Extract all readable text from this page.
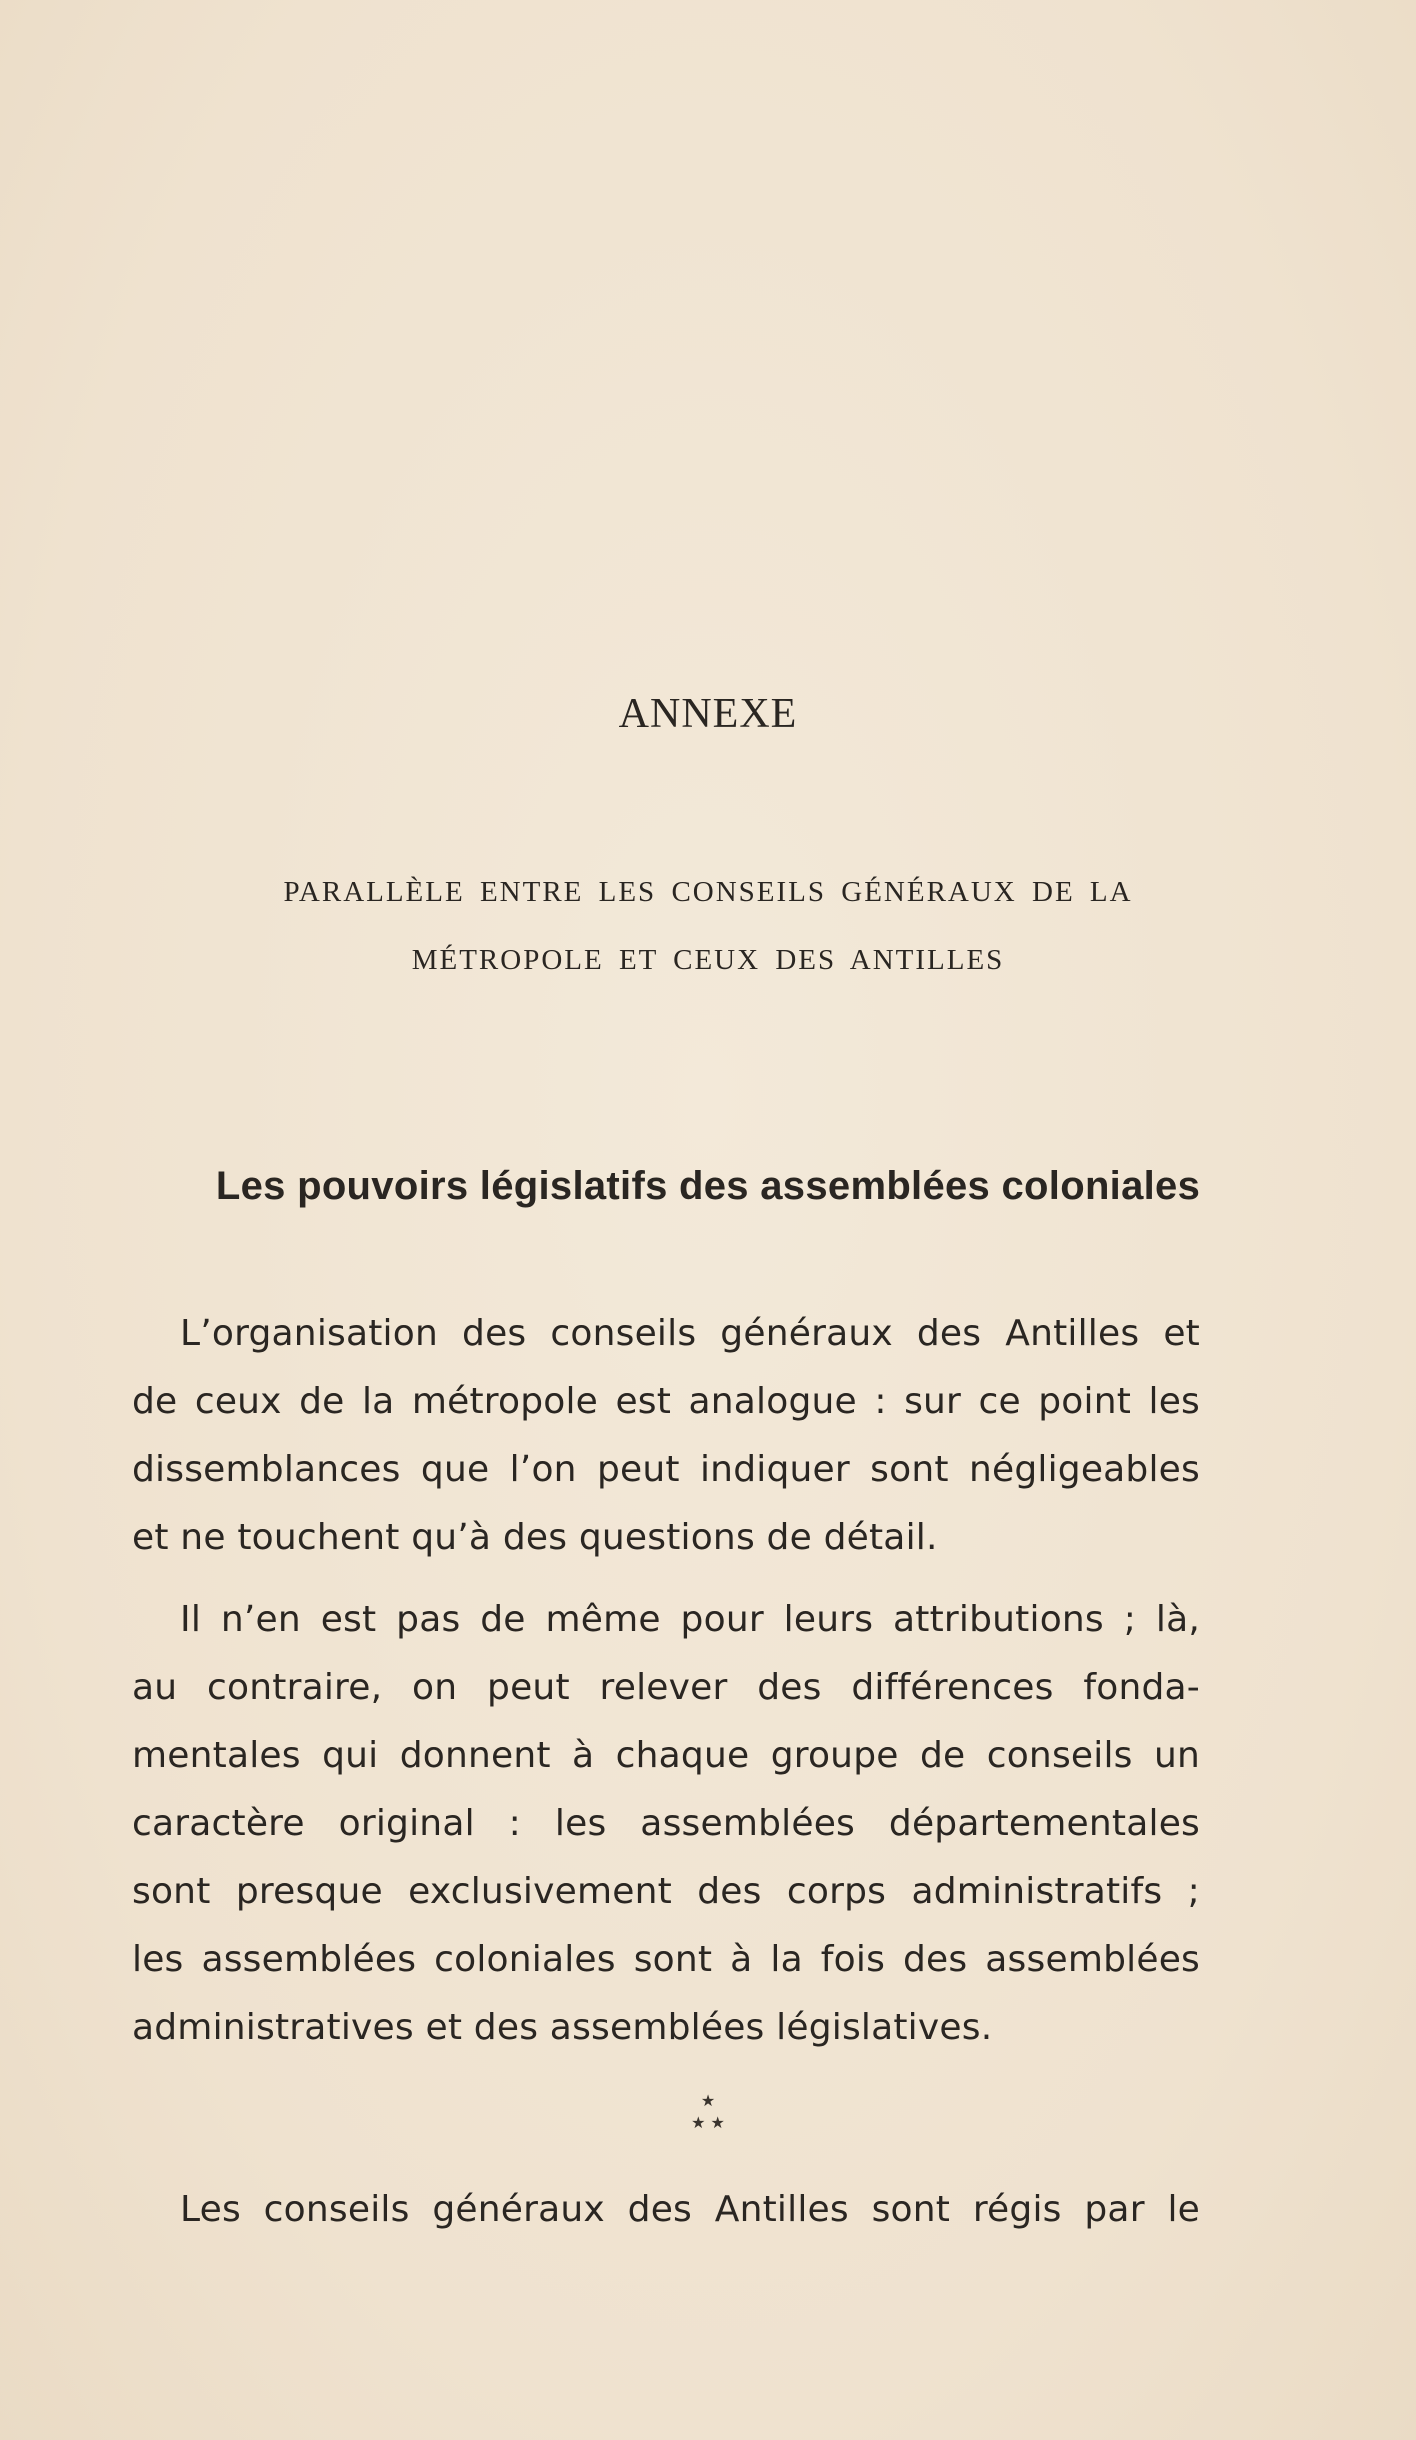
ANNEXE
PARALLÈLE ENTRE LES CONSEILS GÉNÉRAUX DE LA
MÉTROPOLE ET CEUX DES ANTILLES
Les pouvoirs législatifs des assemblées coloniales
L’organisation des conseils généraux des Antilles et
de ceux de la métropole est analogue : sur ce point les
dissemblances que l’on peut indiquer sont négligeables
et ne touchent qu’à des questions de détail.
Il n’en est pas de même pour leurs attributions ; là,
au contraire, on peut relever des différences fonda-
mentales qui donnent à chaque groupe de conseils un
caractère original : les assemblées départementales
sont presque exclusivement des corps administratifs ;
les assemblées coloniales sont à la fois des assemblées
administratives et des assemblées législatives.
★
★ ★
Les conseils généraux des Antilles sont régis par le
